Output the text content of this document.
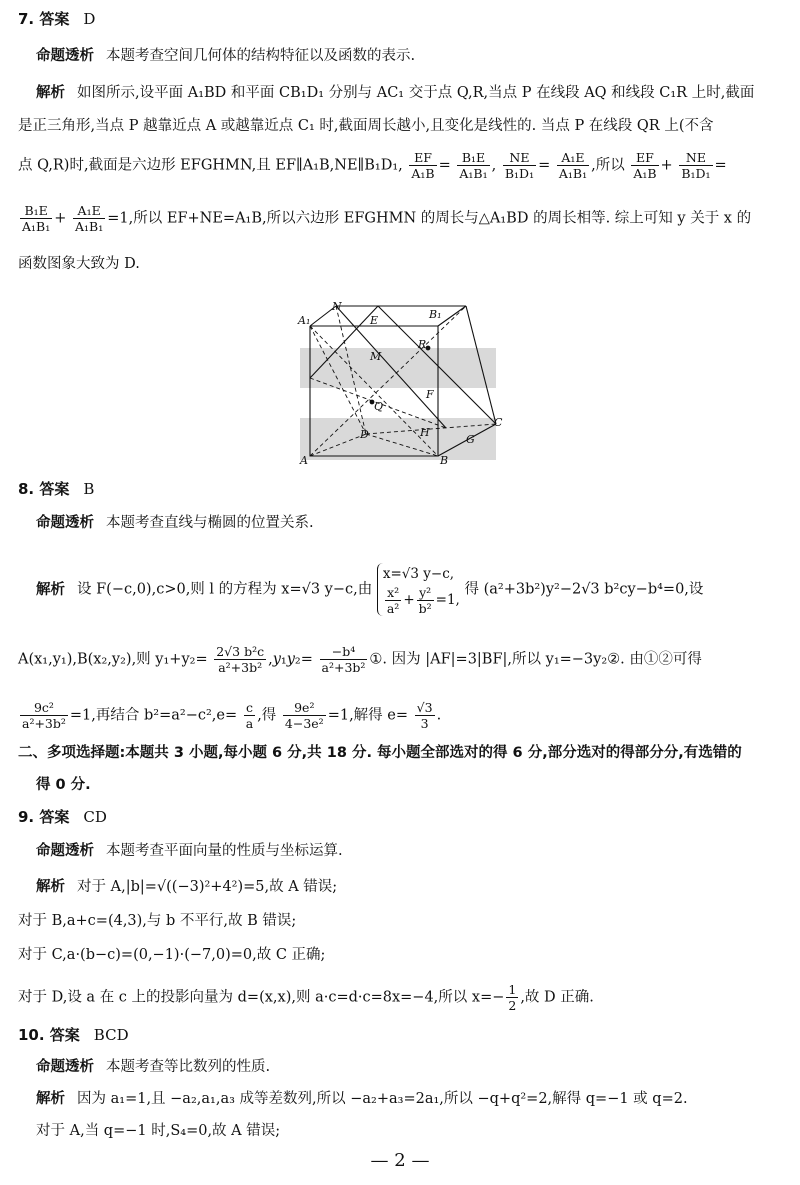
7. 答案 D
命题透析 本题考查空间几何体的结构特征以及函数的表示.
解析 如图所示,设平面 A₁BD 和平面 CB₁D₁ 分别与 AC₁ 交于点 Q,R,当点 P 在线段 AQ 和线段 C₁R 上时,截面
是正三角形,当点 P 越靠近点 A 或越靠近点 C₁ 时,截面周长越小,且变化是线性的. 当点 P 在线段 QR 上(不含
点 Q,R)时,截面是六边形 EFGHMN,且 EF∥A₁B,NE∥B₁D₁, $\frac{EF}{\text{A₁B}} = \frac{\text{B₁E}}{\text{A₁B₁}}$ , $\frac{NE}{\text{B₁D₁}} = \frac{\text{A₁E}}{\text{A₁B₁}}$ ,所以 $\frac{EF}{\text{A₁B}} + \frac{NE}{\text{B₁D₁}}$ =
$\frac{\text{B₁E}}{\text{A₁B₁}} + \frac{\text{A₁E}}{\text{A₁B₁}} =1$,所以 EF+NE=A₁B,所以六边形 EFGHMN 的周长与△A₁BD 的周长相等. 综上可知 y 关于 x 的
函数图象大致为 D.
A₁
N
E	B₁
M
R
F
Q
D	H
C
G
A	B
8. 答案 B
命题透析 本题考查直线与椭圆的位置关系.
解析 设 F(−c,0),c>0,则 l 的方程为 x=√3 y−c,由
x=√3 y−c,
$\frac{\text{x²}}{\text{a²}} + \frac{\text{y²}}{\text{b²}} =1$,
得 (a²+3b²)y²−2√3 b²cy−b⁴=0,设
A(x₁,y₁),B(x₂,y₂),则 $y_1+y_2= \frac{\text{2√3 b²c}}{\text{a²+3b²}} ,y_1y_2= \frac{\text{−b⁴}}{\text{a²+3b²}}$ ①. 因为 |AF|=3|BF|,所以 y₁=−3y₂②. 由①②可得
$\frac{\text{9c²}}{\text{a²+3b²}} =1$,再结合 $b^2=a^2-c^2,e= \frac{c}{a}$ ,得 $\frac{\text{9e²}}{\text{4−3e²}} =1$,解得 $e= \frac{√3}{3}$ .
二、多项选择题:本题共 3 小题,每小题 6 分,共 18 分. 每小题全部选对的得 6 分,部分选对的得部分分,有选错的
得 0 分.
9. 答案 CD
命题透析 本题考查平面向量的性质与坐标运算.
解析 对于 A,|b|=√((−3)²+4²)=5,故 A 错误;
对于 B,a+c=(4,3),与 b 不平行,故 B 错误;
对于 C,a·(b−c)=(0,−1)·(−7,0)=0,故 C 正确;
对于 D,设 a 在 c 上的投影向量为 d=(x,x),则 a·c=d·c=8x=−4,所以 $x=- \frac{1}{2}$ ,故 D 正确.
10. 答案 BCD
命题透析 本题考查等比数列的性质.
解析 因为 a₁=1,且 −a₂,a₁,a₃ 成等差数列,所以 −a₂+a₃=2a₁,所以 −q+q²=2,解得 q=−1 或 q=2.
对于 A,当 q=−1 时,S₄=0,故 A 错误;
— 2 —
